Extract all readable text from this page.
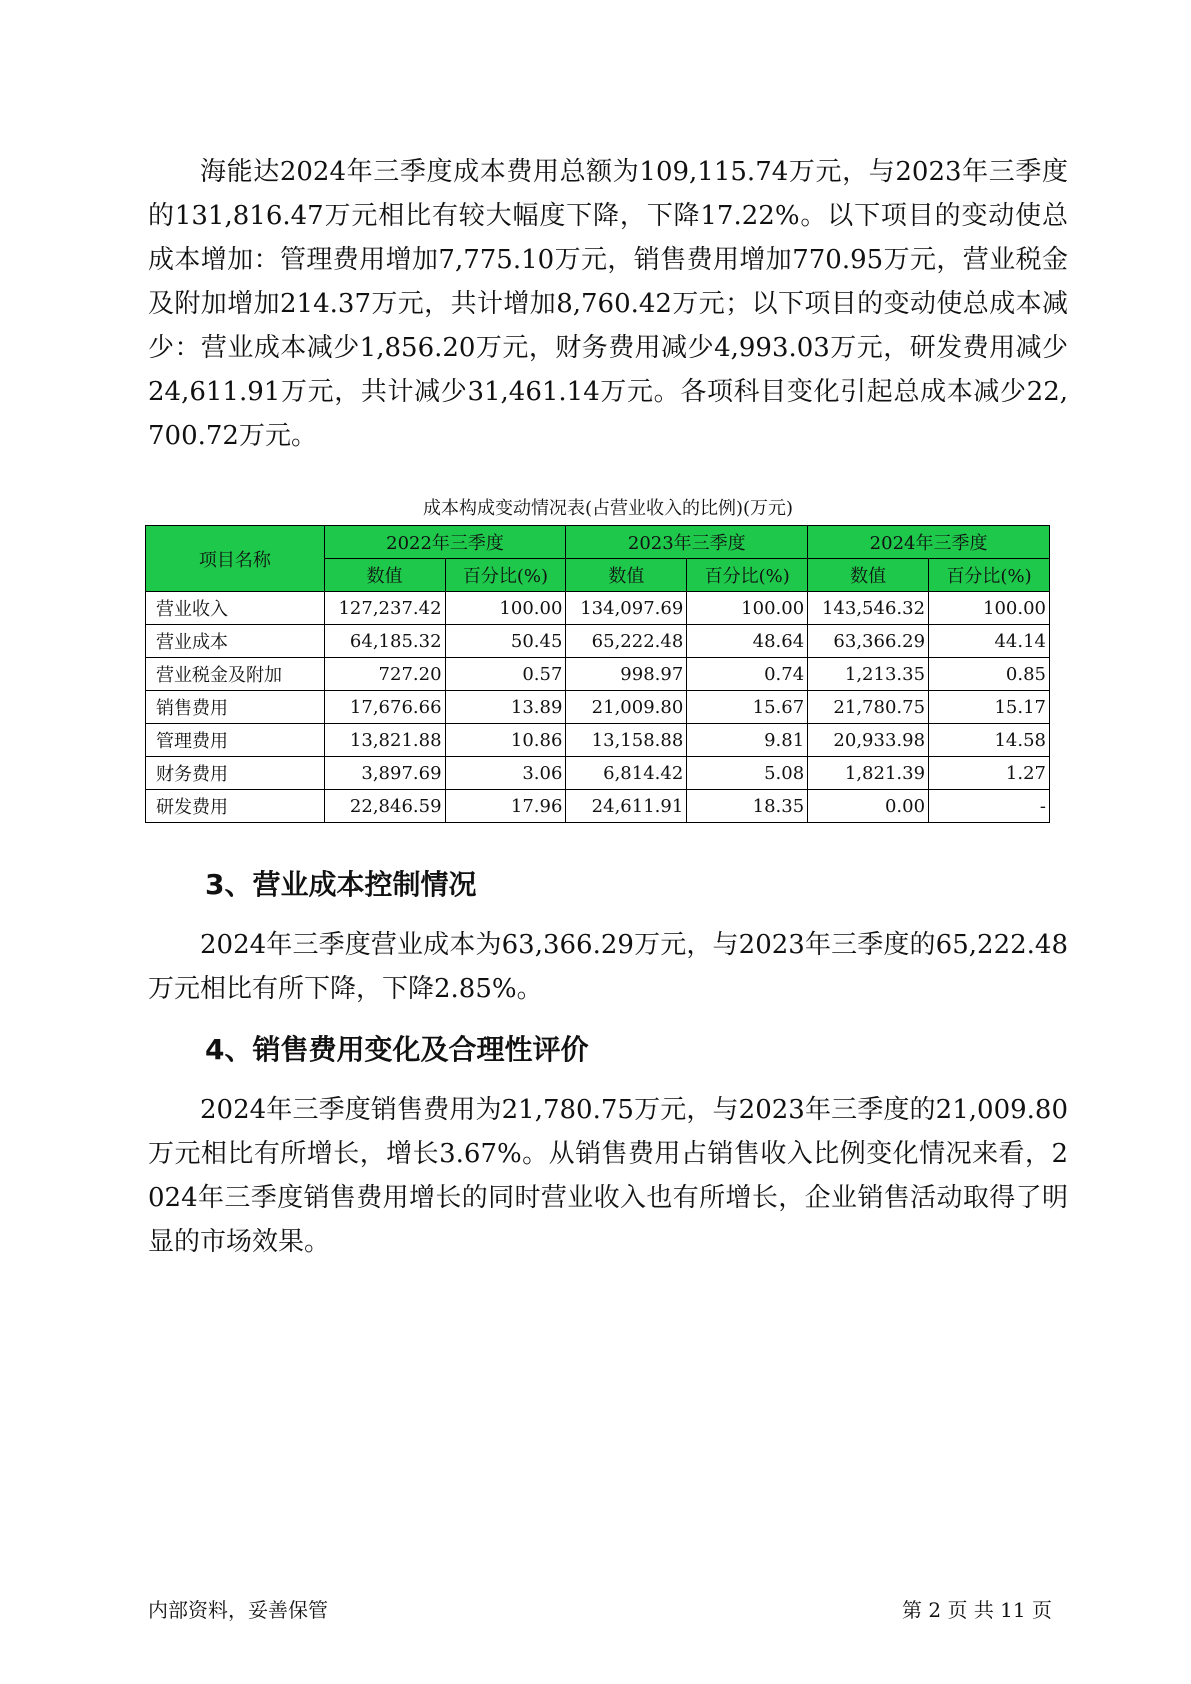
海能达2024年三季度成本费用总额为109,115.74万元，与2023年三季度的131,816.47万元相比有较大幅度下降，下降17.22%。以下项目的变动使总成本增加：管理费用增加7,775.10万元，销售费用增加770.95万元，营业税金及附加增加214.37万元，共计增加8,760.42万元；以下项目的变动使总成本减少：营业成本减少1,856.20万元，财务费用减少4,993.03万元，研发费用减少24,611.91万元，共计减少31,461.14万元。各项科目变化引起总成本减少22,700.72万元。

成本构成变动情况表(占营业收入的比例)(万元)
项目名称	2022年三季度		2023年三季度		2024年三季度	
	数值	百分比(%)	数值	百分比(%)	数值	百分比(%)
营业收入	127,237.42	100.00	134,097.69	100.00	143,546.32	100.00
营业成本	64,185.32	50.45	65,222.48	48.64	63,366.29	44.14
营业税金及附加	727.20	0.57	998.97	0.74	1,213.35	0.85
销售费用	17,676.66	13.89	21,009.80	15.67	21,780.75	15.17
管理费用	13,821.88	10.86	13,158.88	9.81	20,933.98	14.58
财务费用	3,897.69	3.06	6,814.42	5.08	1,821.39	1.27
研发费用	22,846.59	17.96	24,611.91	18.35	0.00	-
3、营业成本控制情况

2024年三季度营业成本为63,366.29万元，与2023年三季度的65,222.48万元相比有所下降，下降2.85%。

4、销售费用变化及合理性评价

2024年三季度销售费用为21,780.75万元，与2023年三季度的21,009.80万元相比有所增长，增长3.67%。从销售费用占销售收入比例变化情况来看，2024年三季度销售费用增长的同时营业收入也有所增长，企业销售活动取得了明显的市场效果。

内部资料，妥善保管	第 2 页 共 11 页
